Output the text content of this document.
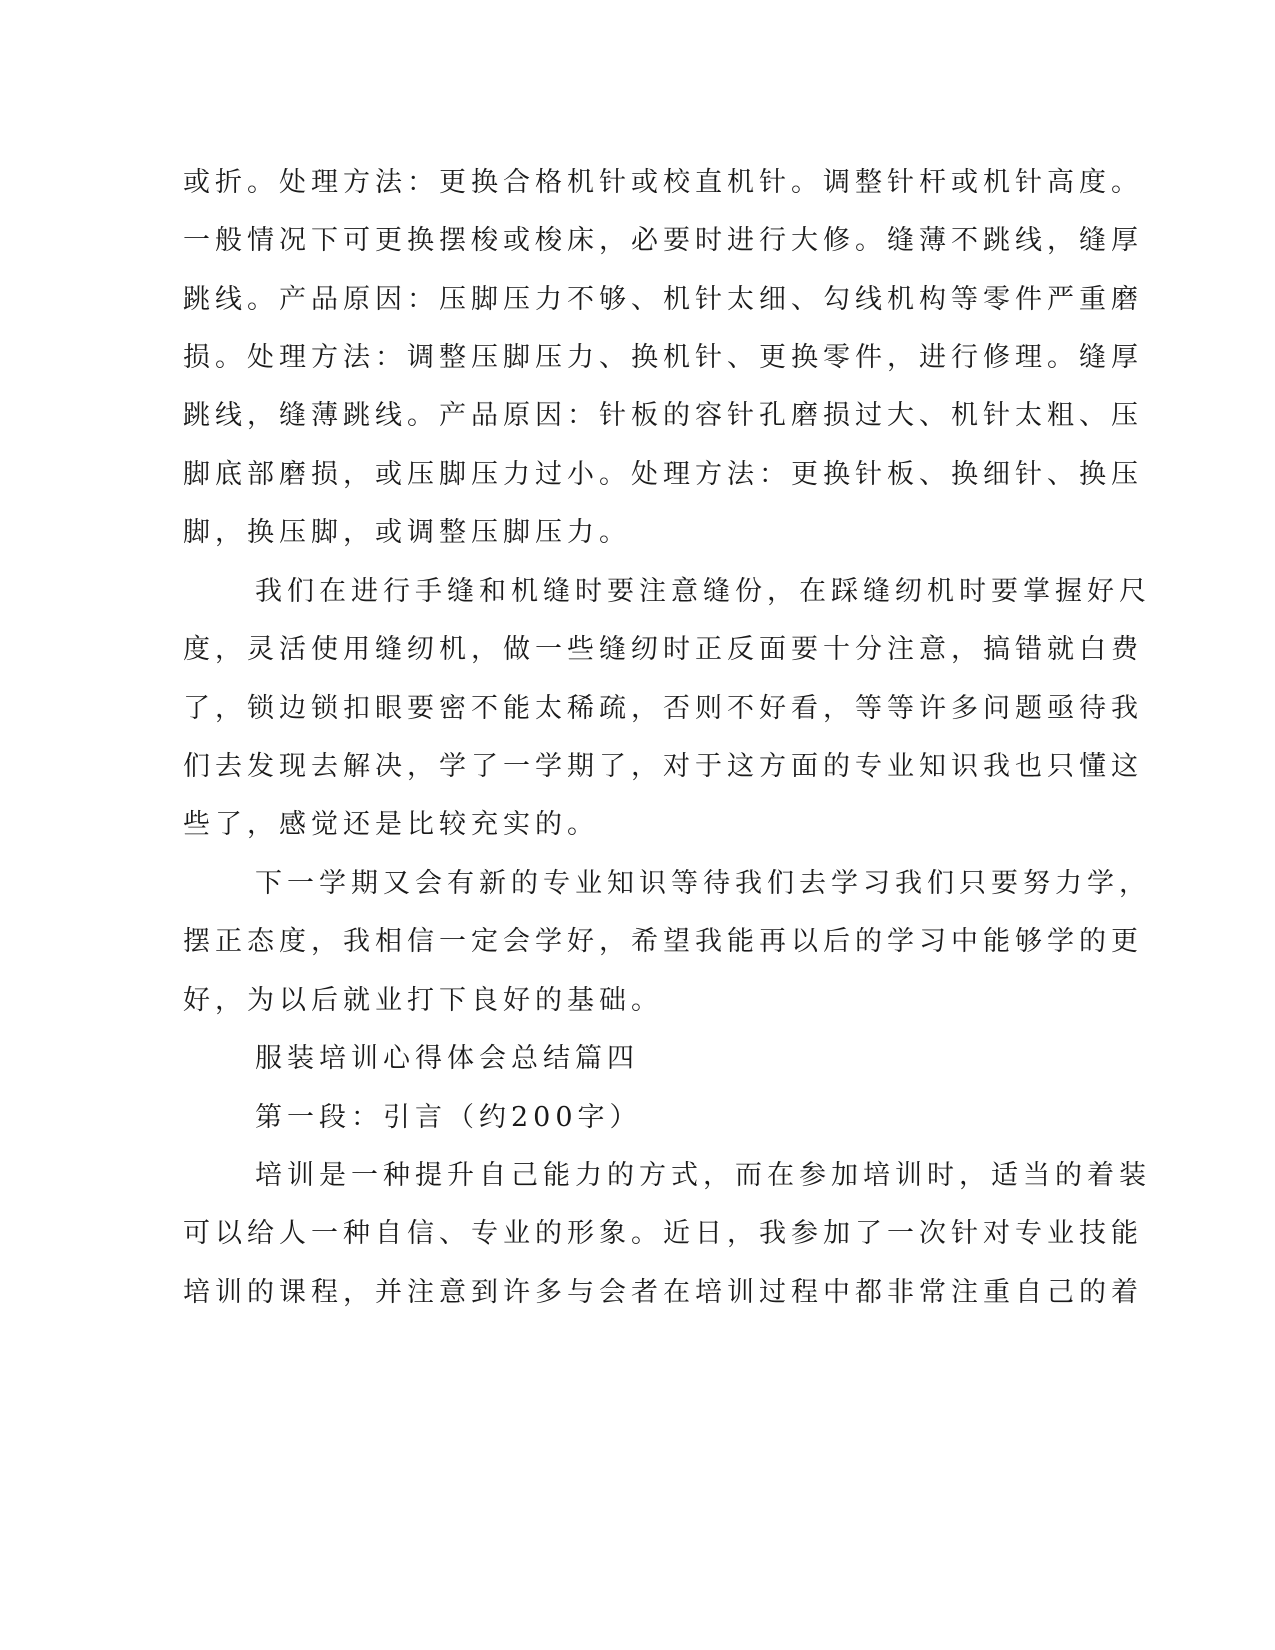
或折。处理方法：更换合格机针或校直机针。调整针杆或机针高度。
一般情况下可更换摆梭或梭床，必要时进行大修。缝薄不跳线，缝厚
跳线。产品原因：压脚压力不够、机针太细、勾线机构等零件严重磨
损。处理方法：调整压脚压力、换机针、更换零件，进行修理。缝厚
跳线，缝薄跳线。产品原因：针板的容针孔磨损过大、机针太粗、压
脚底部磨损，或压脚压力过小。处理方法：更换针板、换细针、换压
脚，换压脚，或调整压脚压力。
我们在进行手缝和机缝时要注意缝份，在踩缝纫机时要掌握好尺
度，灵活使用缝纫机，做一些缝纫时正反面要十分注意，搞错就白费
了，锁边锁扣眼要密不能太稀疏，否则不好看，等等许多问题亟待我
们去发现去解决，学了一学期了，对于这方面的专业知识我也只懂这
些了，感觉还是比较充实的。
下一学期又会有新的专业知识等待我们去学习我们只要努力学，
摆正态度，我相信一定会学好，希望我能再以后的学习中能够学的更
好，为以后就业打下良好的基础。
服装培训心得体会总结篇四
第一段：引言（约200字）
培训是一种提升自己能力的方式，而在参加培训时，适当的着装
可以给人一种自信、专业的形象。近日，我参加了一次针对专业技能
培训的课程，并注意到许多与会者在培训过程中都非常注重自己的着
